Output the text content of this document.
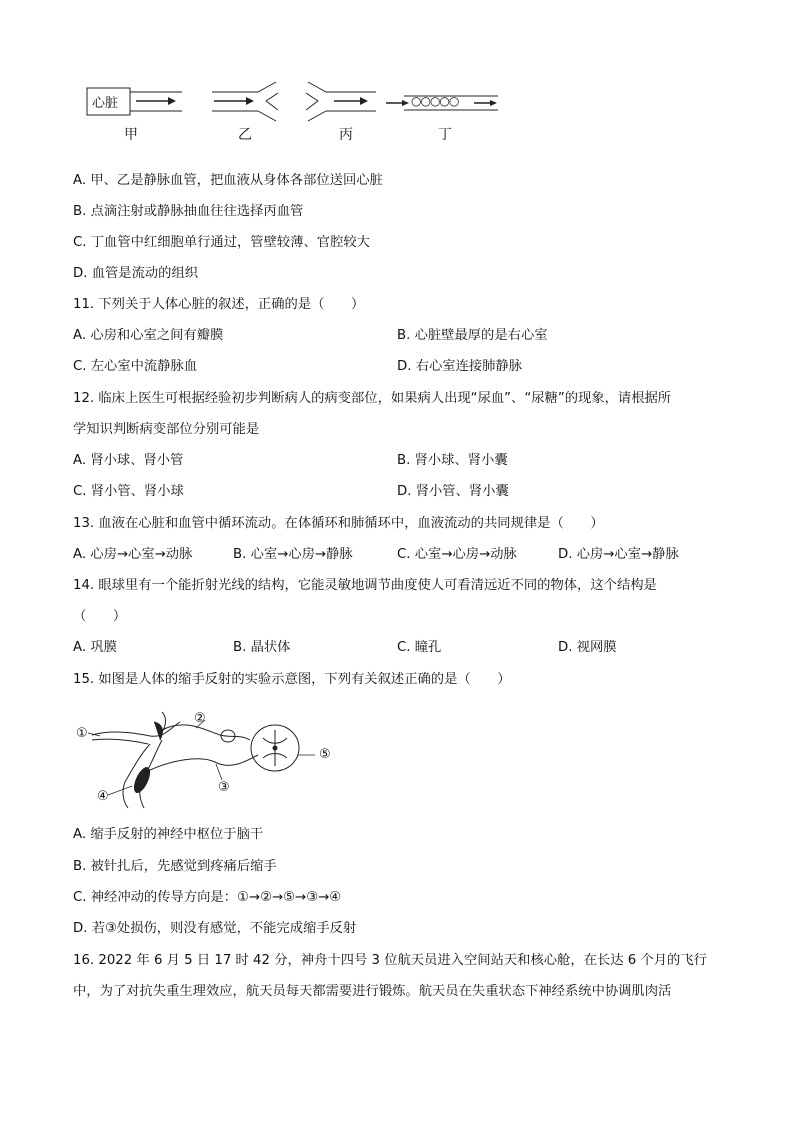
心脏	○○○○○
甲	乙	丙	丁
A. 甲、乙是静脉血管，把血液从身体各部位送回心脏
B. 点滴注射或静脉抽血往往选择丙血管
C. 丁血管中红细胞单行通过，管壁较薄、官腔较大
D. 血管是流动的组织
11. 下列关于人体心脏的叙述，正确的是（　　）
A. 心房和心室之间有瓣膜	B. 心脏壁最厚的是右心室
C. 左心室中流静脉血	D. 右心室连接肺静脉
12. 临床上医生可根据经验初步判断病人的病变部位，如果病人出现“尿血”、“尿糖”的现象，请根据所
学知识判断病变部位分别可能是
A. 肾小球、肾小管	B. 肾小球、肾小囊
C. 肾小管、肾小球	D. 肾小管、肾小囊
13. 血液在心脏和血管中循环流动。在体循环和肺循环中，血液流动的共同规律是（　　）
A. 心房→心室→动脉	B. 心室→心房→静脉	C. 心室→心房→动脉	D. 心房→心室→静脉
14. 眼球里有一个能折射光线的结构，它能灵敏地调节曲度使人可看清远近不同的物体，这个结构是
（　　）
A. 巩膜	B. 晶状体	C. 瞳孔	D. 视网膜
15. 如图是人体的缩手反射的实验示意图，下列有关叙述正确的是（　　）
①
②
③
④
⑤
A. 缩手反射的神经中枢位于脑干
B. 被针扎后，先感觉到疼痛后缩手
C. 神经冲动的传导方向是：①→②→⑤→③→④
D. 若③处损伤，则没有感觉，不能完成缩手反射
16. 2022 年 6 月 5 日 17 时 42 分，神舟十四号 3 位航天员进入空间站天和核心舱，在长达 6 个月的飞行
中，为了对抗失重生理效应，航天员每天都需要进行锻炼。航天员在失重状态下神经系统中协调肌肉活
